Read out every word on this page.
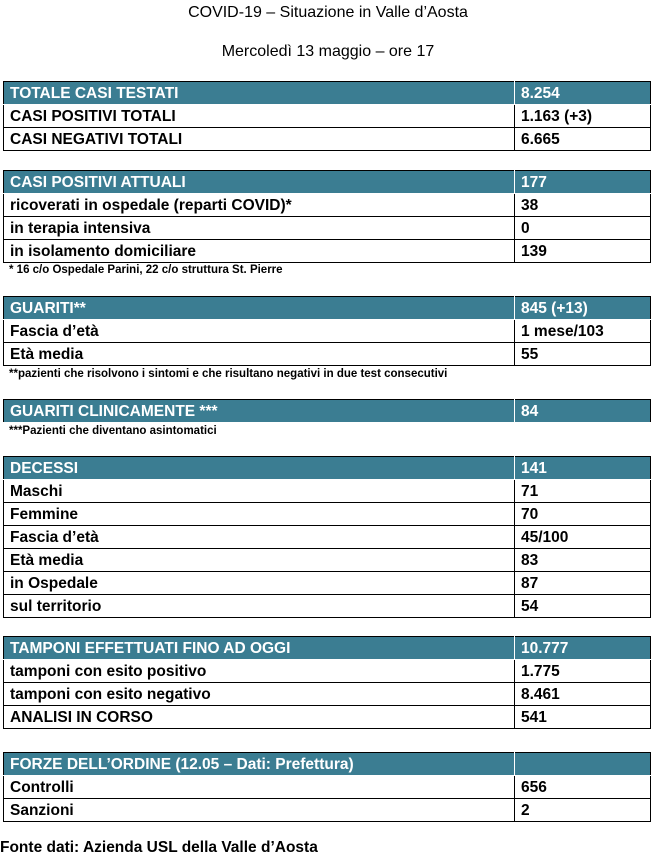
COVID-19 – Situazione in Valle d’Aosta
Mercoledì 13 maggio – ore 17
TOTALE CASI TESTATI	8.254
CASI POSITIVI TOTALI	1.163 (+3)
CASI NEGATIVI TOTALI	6.665
CASI POSITIVI ATTUALI	177
ricoverati in ospedale (reparti COVID)*	38
in terapia intensiva	0
in isolamento domiciliare	139
* 16 c/o Ospedale Parini, 22 c/o struttura St. Pierre
GUARITI**	845 (+13)
Fascia d’età	1 mese/103
Età media	55
**pazienti che risolvono i sintomi e che risultano negativi in due test consecutivi
GUARITI CLINICAMENTE ***	84
***Pazienti che diventano asintomatici
DECESSI	141
Maschi	71
Femmine	70
Fascia d’età	45/100
Età media	83
in Ospedale	87
sul territorio	54
TAMPONI EFFETTUATI FINO AD OGGI	10.777
tamponi con esito positivo	1.775
tamponi con esito negativo	8.461
ANALISI IN CORSO	541
FORZE DELL’ORDINE (12.05 – Dati: Prefettura)	
Controlli	656
Sanzioni	2
Fonte dati: Azienda USL della Valle d’Aosta
